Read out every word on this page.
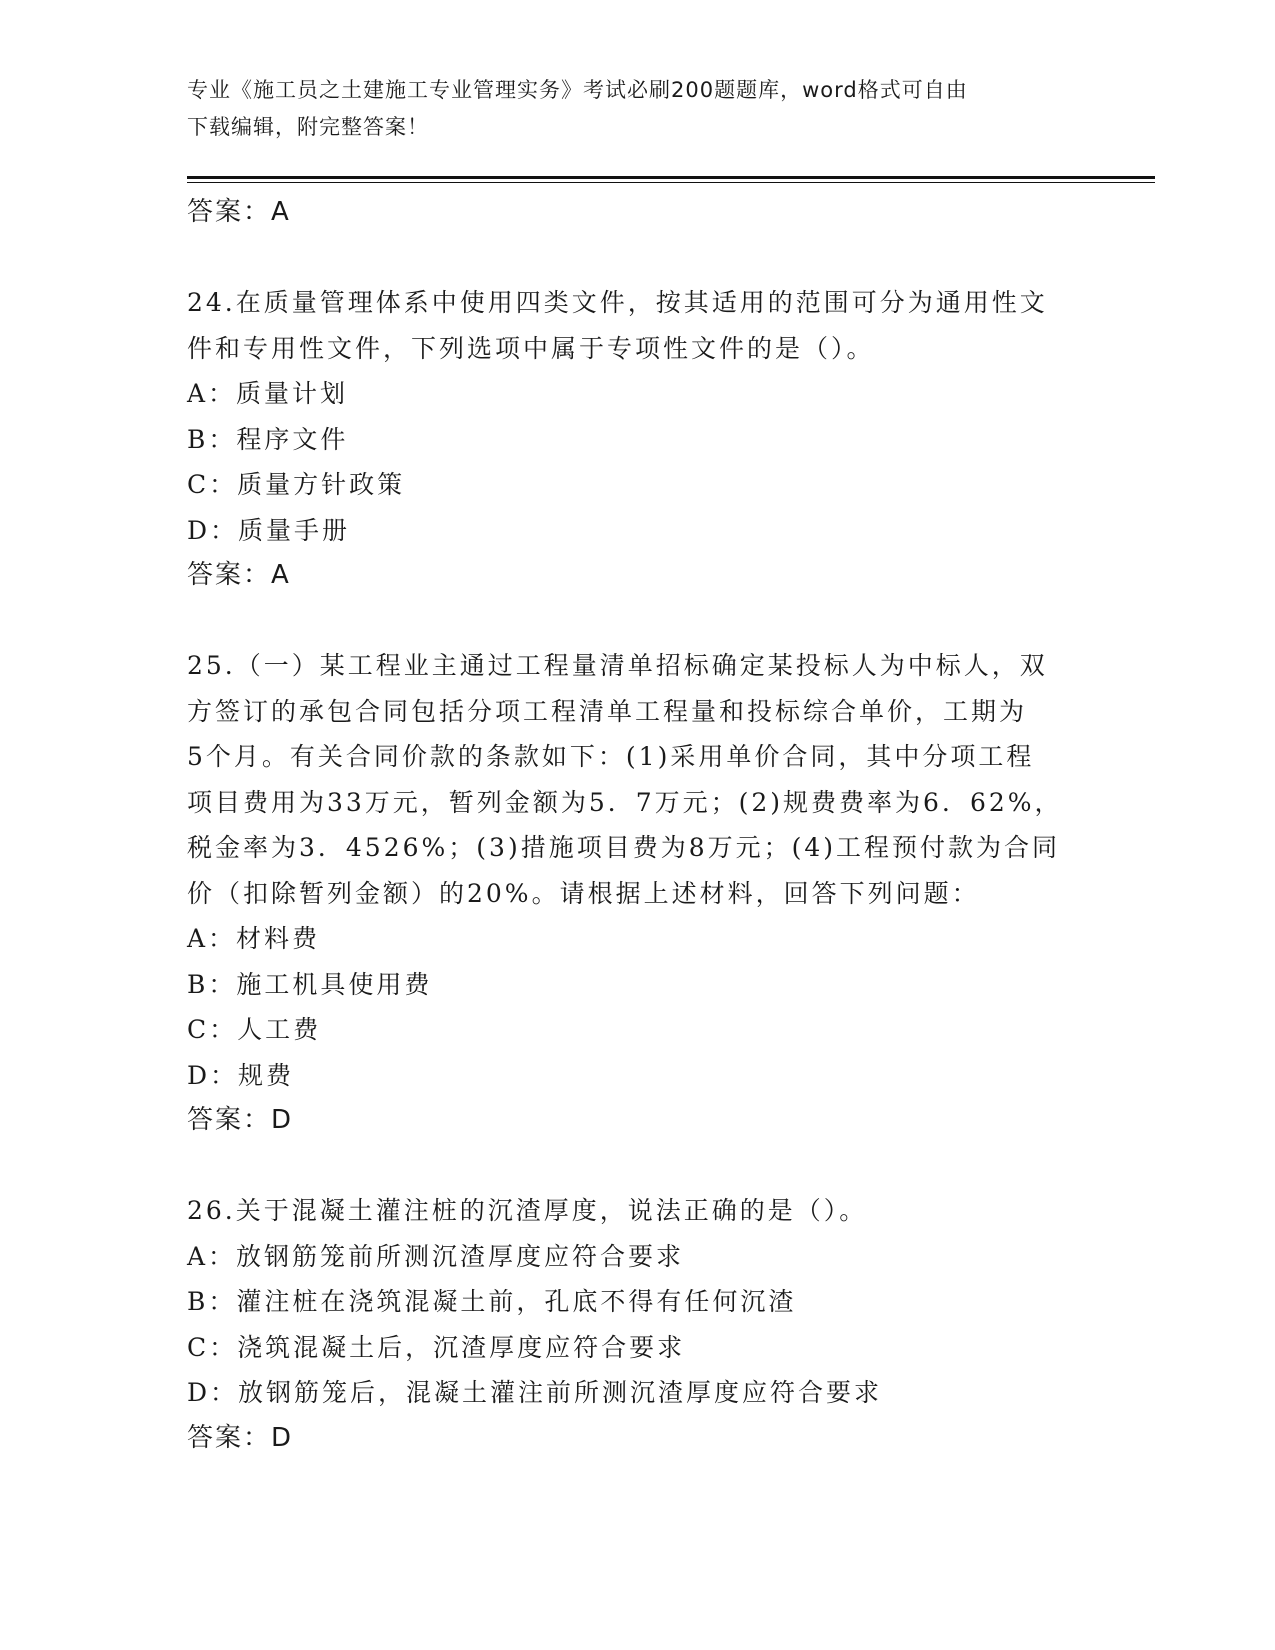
专业《施工员之土建施工专业管理实务》考试必刷200题题库，word格式可自由
下载编辑，附完整答案！
答案：A
24.在质量管理体系中使用四类文件，按其适用的范围可分为通用性文
件和专用性文件，下列选项中属于专项性文件的是（）。
A：质量计划
B：程序文件
C：质量方针政策
D：质量手册
答案：A
25.（一）某工程业主通过工程量清单招标确定某投标人为中标人，双
方签订的承包合同包括分项工程清单工程量和投标综合单价，工期为
5个月。有关合同价款的条款如下：(1)采用单价合同，其中分项工程
项目费用为33万元，暂列金额为5．7万元；(2)规费费率为6．62%，
税金率为3．4526%；(3)措施项目费为8万元；(4)工程预付款为合同
价（扣除暂列金额）的20%。请根据上述材料，回答下列问题：
A：材料费
B：施工机具使用费
C：人工费
D：规费
答案：D
26.关于混凝土灌注桩的沉渣厚度，说法正确的是（）。
A：放钢筋笼前所测沉渣厚度应符合要求
B：灌注桩在浇筑混凝土前，孔底不得有任何沉渣
C：浇筑混凝土后，沉渣厚度应符合要求
D：放钢筋笼后，混凝土灌注前所测沉渣厚度应符合要求
答案：D
